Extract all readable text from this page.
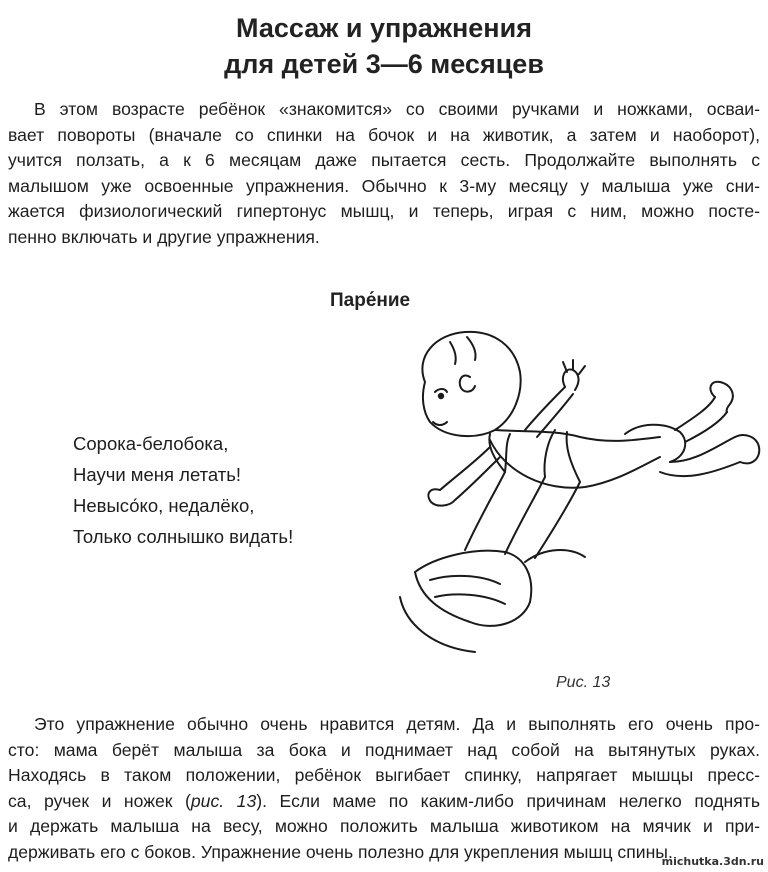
Массаж и упражнения
для детей 3—6 месяцев
В этом возрасте ребёнок «знакомится» со своими ручками и ножками, осваи-
вает повороты (вначале со спинки на бочок и на животик, а затем и наоборот),
учится ползать, а к 6 месяцам даже пытается сесть. Продолжайте выполнять с
малышом уже освоенные упражнения. Обычно к 3-му месяцу у малыша уже сни-
жается физиологический гипертонус мышц, и теперь, играя с ним, можно посте-
пенно включать и другие упражнения.
Паре́ние
Сорока-белобока,
Научи меня летать!
Невысо́ко, недалёко,
Только солнышко видать!
Рис. 13
Это упражнение обычно очень нравится детям. Да и выполнять его очень про-
сто: мама берёт малыша за бока и поднимает над собой на вытянутых руках.
Находясь в таком положении, ребёнок выгибает спинку, напрягает мышцы пресс-
са, ручек и ножек (рис. 13). Если маме по каким-либо причинам нелегко поднять
и держать малыша на весу, можно положить малыша животиком на мячик и при-
держивать его с боков. Упражнение очень полезно для укрепления мышц спины.
michutka.3dn.ru
